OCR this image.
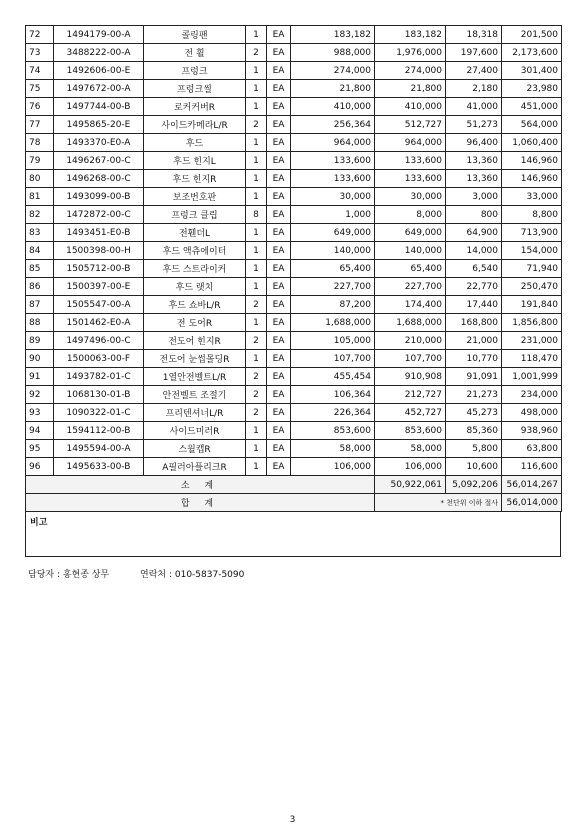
72	1494179-00-A	콜링팬	1	EA	183,182	183,182	18,318	201,500
73	3488222-00-A	전 휠	2	EA	988,000	1,976,000	197,600	2,173,600
74	1492606-00-E	프렁크	1	EA	274,000	274,000	27,400	301,400
75	1497672-00-A	프렁크씰	1	EA	21,800	21,800	2,180	23,980
76	1497744-00-B	로커커버R	1	EA	410,000	410,000	41,000	451,000
77	1495865-20-E	사이드카메라L/R	2	EA	256,364	512,727	51,273	564,000
78	1493370-E0-A	후드	1	EA	964,000	964,000	96,400	1,060,400
79	1496267-00-C	후드 힌지L	1	EA	133,600	133,600	13,360	146,960
80	1496268-00-C	후드 힌지R	1	EA	133,600	133,600	13,360	146,960
81	1493099-00-B	보조번호판	1	EA	30,000	30,000	3,000	33,000
82	1472872-00-C	프렁크 클립	8	EA	1,000	8,000	800	8,800
83	1493451-E0-B	전휀더L	1	EA	649,000	649,000	64,900	713,900
84	1500398-00-H	후드 액츄에이터	1	EA	140,000	140,000	14,000	154,000
85	1505712-00-B	후드 스트라이커	1	EA	65,400	65,400	6,540	71,940
86	1500397-00-E	후드 랫치	1	EA	227,700	227,700	22,770	250,470
87	1505547-00-A	후드 쇼바L/R	2	EA	87,200	174,400	17,440	191,840
88	1501462-E0-A	전 도어R	1	EA	1,688,000	1,688,000	168,800	1,856,800
89	1497496-00-C	전도어 힌지R	2	EA	105,000	210,000	21,000	231,000
90	1500063-00-F	전도어 눈썹몰딩R	1	EA	107,700	107,700	10,770	118,470
91	1493782-01-C	1열안전벨트L/R	2	EA	455,454	910,908	91,091	1,001,999
92	1068130-01-B	안전벨트 조절기	2	EA	106,364	212,727	21,273	234,000
93	1090322-01-C	프리텐셔너L/R	2	EA	226,364	452,727	45,273	498,000
94	1594112-00-B	사이드미러R	1	EA	853,600	853,600	85,360	938,960
95	1495594-00-A	스윌캡R	1	EA	58,000	58,000	5,800	63,800
96	1495633-00-B	A필러아플리크R	1	EA	106,000	106,000	10,600	116,600
소 계						50,922,061	5,092,206	56,014,267
합 계						* 천단위 이하 절사		56,014,000
비고
담당자 : 홍현종 상무	연락처 : 010-5837-5090
3
